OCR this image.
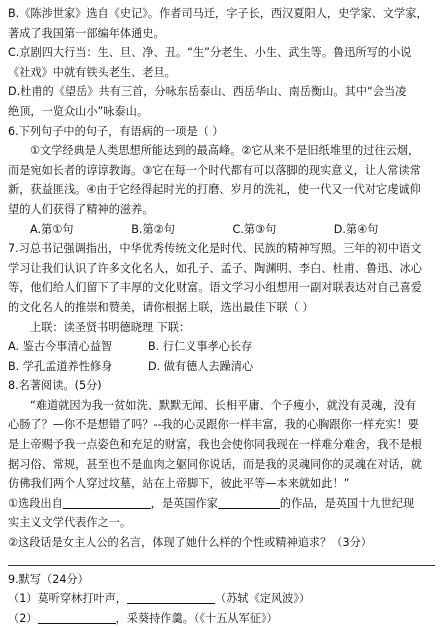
B.《陈涉世家》选自《史记》。作者司马迁，字子长，西汉夏阳人，史学家、文学家，
著成了我国第一部编年体通史。
C.京剧四大行当：生、旦、净、丑。“生”分老生、小生、武生等。鲁迅所写的小说
《社戏》中就有铁头老生、老旦。
D.杜甫的《望岳》共有三首，分咏东岳泰山、西岳华山、南岳衡山。其中“会当凌
绝顶，一览众山小”咏泰山。
6.下列句子中的句子，有语病的一项是（ ）
①文学经典是人类思想所能达到的最高峰。②它从来不是旧纸堆里的过往云烟，
而是宛如长者的谆谆教诲。③它在每一个时代都有可以落脚的现实意义，让人常读常
新，获益匪浅。④由于它经得起时光的打磨、岁月的洗礼，使一代又一代对它虔诚仰
望的人们获得了精神的滋养。
A.第①句	B.第②句	C.第③句	D.第④句
7.习总书记强调指出，中华优秀传统文化是时代、民族的精神写照。三年的初中语文
学习让我们认识了许多文化名人，如孔子、孟子、陶渊明、李白、杜甫、鲁迅、冰心
等，他们给人们留下了丰厚的文化财富。语文学习小组想用一副对联表达对自己喜爱
的文化名人的推崇和赞美，请你根据上联，选出最佳下联（ ）
上联：读圣贤书明德晓理 下联：
A. 鉴古今事清心益智	B. 行仁义事孝心长存
B. 学孔孟道养性修身	D. 做有德人去躁清心
8.名著阅读。(5分)
“难道就因为我一贫如洗、默默无闻、长相平庸、个子瘦小，就没有灵魂，没有
心肠了？—你不是想错了吗？--我的心灵跟你一样丰富，我的心胸跟你一样充实！要
是上帝赐予我一点姿色和充足的财富，我也会使你同我现在一样难分难舍，我不是根
据习俗、常规，甚至也不是血肉之躯同你说话，而是我的灵魂同你的灵魂在对话，就
仿佛我们两个人穿过坟墓，站在上帝脚下，彼此平等—本来就如此！”
①选段出自	，是英国作家	的作品，是英国十九世纪现
实主义文学代表作之一。
②这段话是女主人公的名言，体现了她什么样的个性或精神追求？（3分）
9.默写（24分）
（1）莫听穿林打叶声，	（苏轼《定风波》）
（2）	，采葵持作羹。（《十五从军征》）
